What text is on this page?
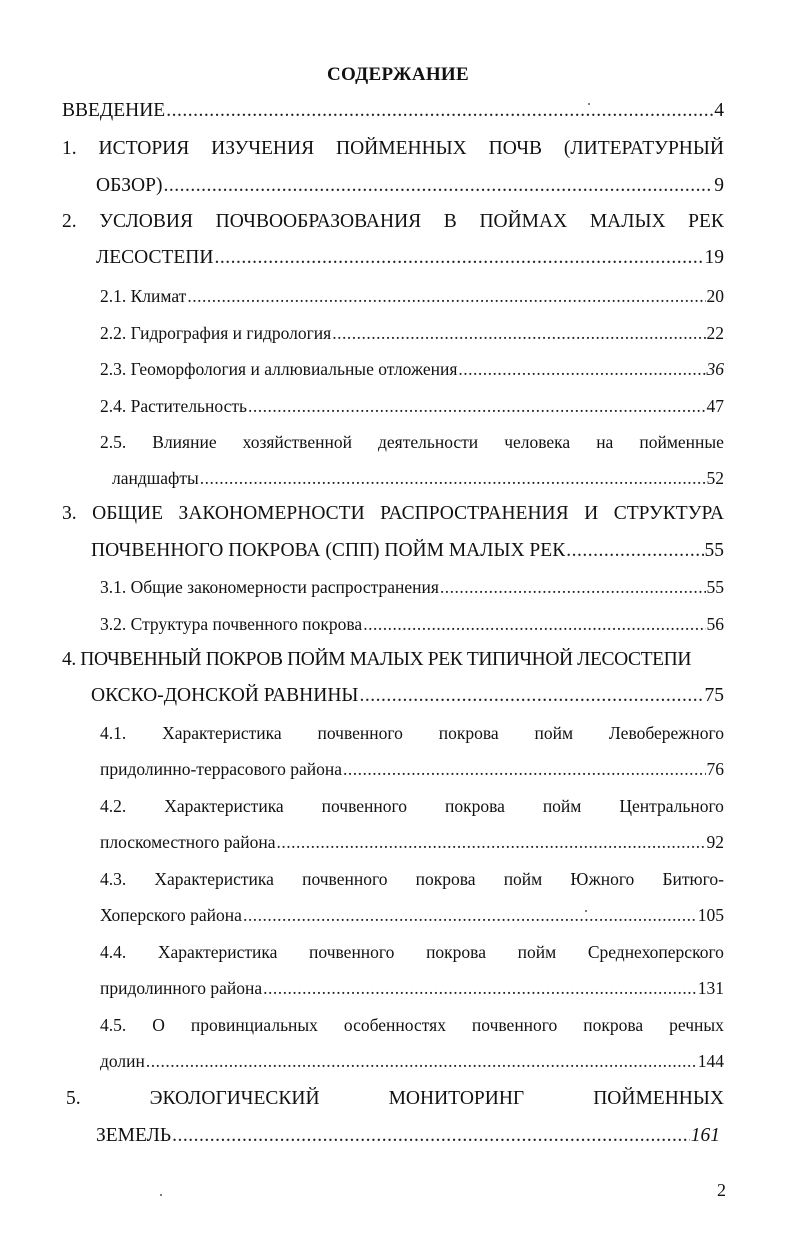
СОДЕРЖАНИЕ
ВВЕДЕНИЕ .....	4
1. ИСТОРИЯ ИЗУЧЕНИЯ ПОЙМЕННЫХ ПОЧВ (ЛИТЕРАТУРНЫЙ
ОБЗОР) .....	9
2. УСЛОВИЯ ПОЧВООБРАЗОВАНИЯ В ПОЙМАХ МАЛЫХ РЕК
ЛЕСОСТЕПИ .....	19
2.1. Климат .....	20
2.2. Гидрография и гидрология .....	22
2.3. Геоморфология и аллювиальные отложения .....	36
2.4. Растительность .....	47
2.5. Влияние хозяйственной деятельности человека на пойменные
ландшафты .....	52
3. ОБЩИЕ ЗАКОНОМЕРНОСТИ РАСПРОСТРАНЕНИЯ И СТРУКТУРА
ПОЧВЕННОГО ПОКРОВА (СПП) ПОЙМ МАЛЫХ РЕК .....	55
3.1. Общие закономерности распространения .....	55
3.2. Структура почвенного покрова .....	56
4. ПОЧВЕННЫЙ ПОКРОВ ПОЙМ МАЛЫХ РЕК ТИПИЧНОЙ ЛЕСОСТЕПИ
ОКСКО-ДОНСКОЙ РАВНИНЫ .....	75
4.1. Характеристика почвенного покрова пойм Левобережного
придолинно-террасового района .....	76
4.2. Характеристика почвенного покрова пойм Центрального
плоскоместного района .....	92
4.3. Характеристика почвенного покрова пойм Южного Битюго-
Хоперского района .....	105
4.4. Характеристика почвенного покрова пойм Среднехоперского
придолинного района .....	131
4.5. О провинциальных особенностях почвенного покрова речных
долин .....	144
5.	ЭКОЛОГИЧЕСКИЙ	МОНИТОРИНГ	ПОЙМЕННЫХ
ЗЕМЕЛЬ .....	161
2
